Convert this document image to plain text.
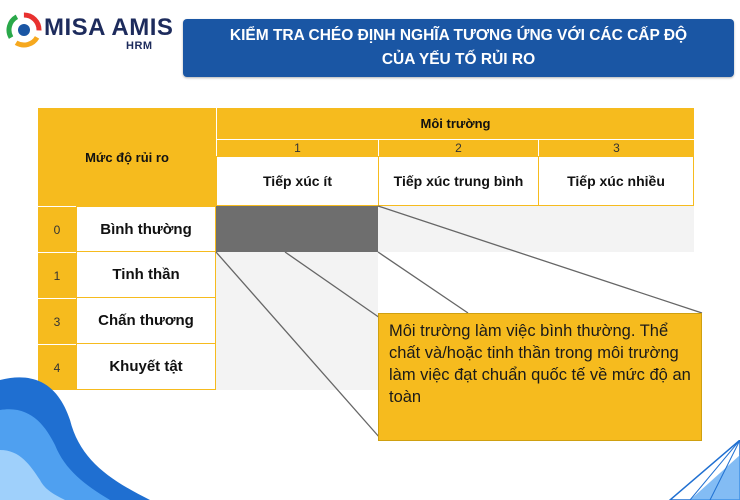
MISA AMIS
HRM
KIỂM TRA CHÉO ĐỊNH NGHĨA TƯƠNG ỨNG VỚI CÁC CẤP ĐỘ
CỦA YẾU TỐ RỦI RO
Mức độ rủi ro
Môi trường
1	2	3
Tiếp xúc ít	Tiếp xúc trung bình	Tiếp xúc nhiều
0	Bình thường
1	Tinh thần
3	Chấn thương
4	Khuyết tật
Môi trường làm việc bình thường. Thể chất và/hoặc tinh thần trong môi trường làm việc đạt chuẩn quốc tế về mức độ an toàn
